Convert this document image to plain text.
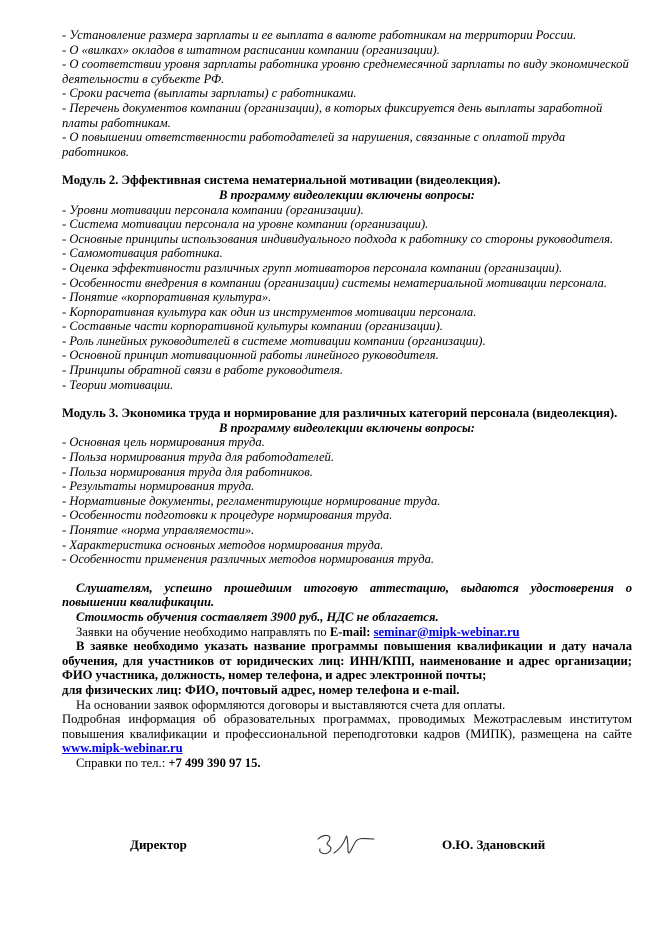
- Установление размера зарплаты и ее выплата в валюте работникам на территории России.
- О «вилках» окладов в штатном расписании компании (организации).
- О соответствии уровня зарплаты работника уровню среднемесячной зарплаты по виду экономической деятельности в субъекте РФ.
- Сроки расчета (выплаты зарплаты) с работниками.
- Перечень документов компании (организации), в которых фиксируется день выплаты заработной платы работникам.
- О повышении ответственности работодателей за нарушения, связанные с оплатой труда работников.
Модуль 2. Эффективная система нематериальной мотивации (видеолекция).
В программу видеолекции включены вопросы:
- Уровни мотивации персонала компании (организации).
- Система мотивации персонала на уровне компании (организации).
- Основные принципы использования индивидуального подхода к работнику со стороны руководителя.
- Самомотивация работника.
- Оценка эффективности различных групп мотиваторов персонала компании (организации).
- Особенности внедрения в компании (организации) системы нематериальной мотивации персонала.
- Понятие «корпоративная культура».
- Корпоративная культура как один из инструментов мотивации персонала.
- Составные части корпоративной культуры компании (организации).
- Роль линейных руководителей в системе мотивации компании (организации).
- Основной принцип мотивационной работы линейного руководителя.
- Принципы обратной связи в работе руководителя.
- Теории мотивации.
Модуль 3. Экономика труда и нормирование для различных категорий персонала (видеолекция).
В программу видеолекции включены вопросы:
- Основная цель нормирования труда.
- Польза нормирования труда для работодателей.
- Польза нормирования труда для работников.
- Результаты нормирования труда.
- Нормативные документы, регламентирующие нормирование труда.
- Особенности подготовки к процедуре нормирования труда.
- Понятие «норма управляемости».
- Характеристика основных методов нормирования труда.
- Особенности применения различных методов нормирования труда.
Слушателям, успешно прошедшим итоговую аттестацию, выдаются удостоверения о повышении квалификации.
Стоимость обучения составляет 3900 руб., НДС не облагается.
Заявки на обучение необходимо направлять по E-mail: seminar@mipk-webinar.ru
В заявке необходимо указать название программы повышения квалификации и дату начала обучения, для участников от юридических лиц: ИНН/КПП, наименование и адрес организации; ФИО участника, должность, номер телефона, и адрес электронной почты;
для физических лиц: ФИО, почтовый адрес, номер телефона и e-mail.
На основании заявок оформляются договоры и выставляются счета для оплаты.
Подробная информация об образовательных программах, проводимых Межотраслевым институтом повышения квалификации и профессиональной переподготовки кадров (МИПК), размещена на сайте www.mipk-webinar.ru
Справки по тел.: +7 499 390 97 15.
Директор	О.Ю. Здановский
